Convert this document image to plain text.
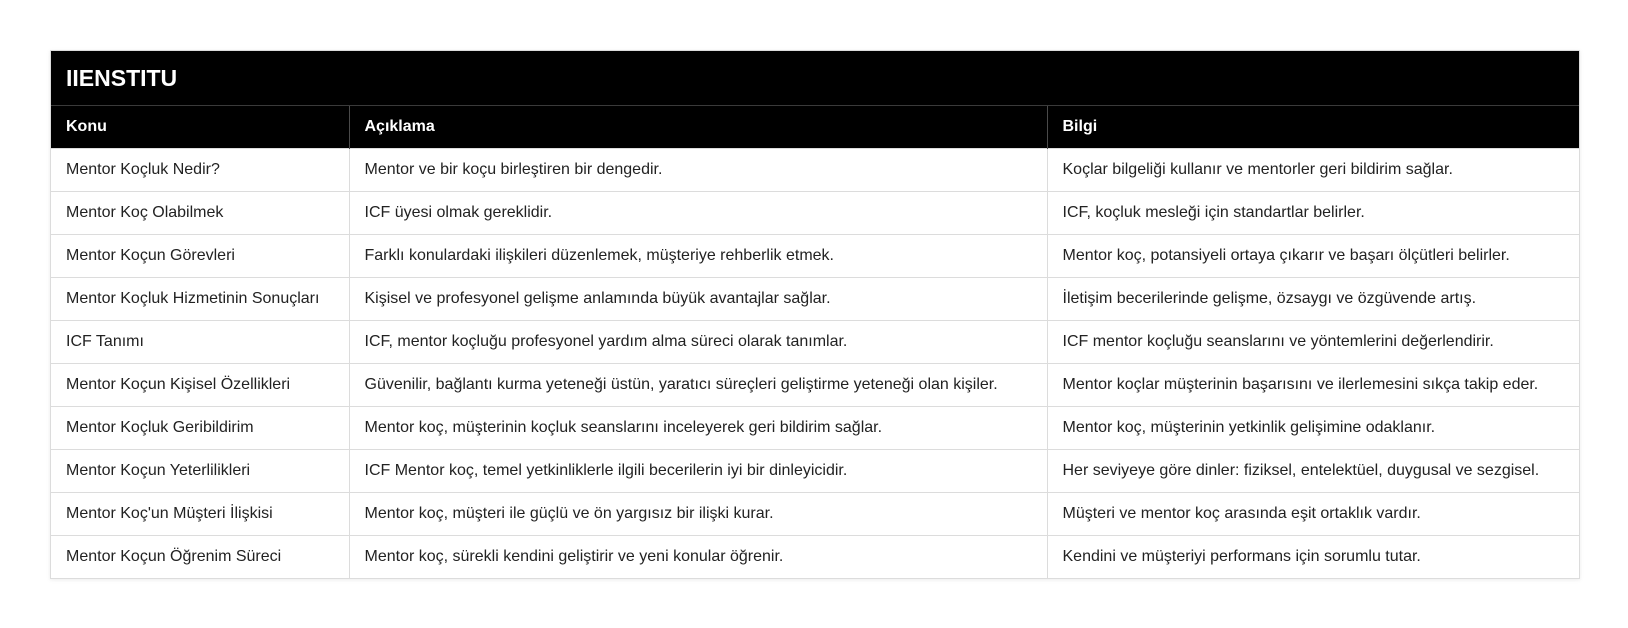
IIENSTITU
Konu	Açıklama	Bilgi
Mentor Koçluk Nedir?	Mentor ve bir koçu birleştiren bir dengedir.	Koçlar bilgeliği kullanır ve mentorler geri bildirim sağlar.
Mentor Koç Olabilmek	ICF üyesi olmak gereklidir.	ICF, koçluk mesleği için standartlar belirler.
Mentor Koçun Görevleri	Farklı konulardaki ilişkileri düzenlemek, müşteriye rehberlik etmek.	Mentor koç, potansiyeli ortaya çıkarır ve başarı ölçütleri belirler.
Mentor Koçluk Hizmetinin Sonuçları	Kişisel ve profesyonel gelişme anlamında büyük avantajlar sağlar.	İletişim becerilerinde gelişme, özsaygı ve özgüvende artış.
ICF Tanımı	ICF, mentor koçluğu profesyonel yardım alma süreci olarak tanımlar.	ICF mentor koçluğu seanslarını ve yöntemlerini değerlendirir.
Mentor Koçun Kişisel Özellikleri	Güvenilir, bağlantı kurma yeteneği üstün, yaratıcı süreçleri geliştirme yeteneği olan kişiler.	Mentor koçlar müşterinin başarısını ve ilerlemesini sıkça takip eder.
Mentor Koçluk Geribildirim	Mentor koç, müşterinin koçluk seanslarını inceleyerek geri bildirim sağlar.	Mentor koç, müşterinin yetkinlik gelişimine odaklanır.
Mentor Koçun Yeterlilikleri	ICF Mentor koç, temel yetkinliklerle ilgili becerilerin iyi bir dinleyicidir.	Her seviyeye göre dinler: fiziksel, entelektüel, duygusal ve sezgisel.
Mentor Koç'un Müşteri İlişkisi	Mentor koç, müşteri ile güçlü ve ön yargısız bir ilişki kurar.	Müşteri ve mentor koç arasında eşit ortaklık vardır.
Mentor Koçun Öğrenim Süreci	Mentor koç, sürekli kendini geliştirir ve yeni konular öğrenir.	Kendini ve müşteriyi performans için sorumlu tutar.
